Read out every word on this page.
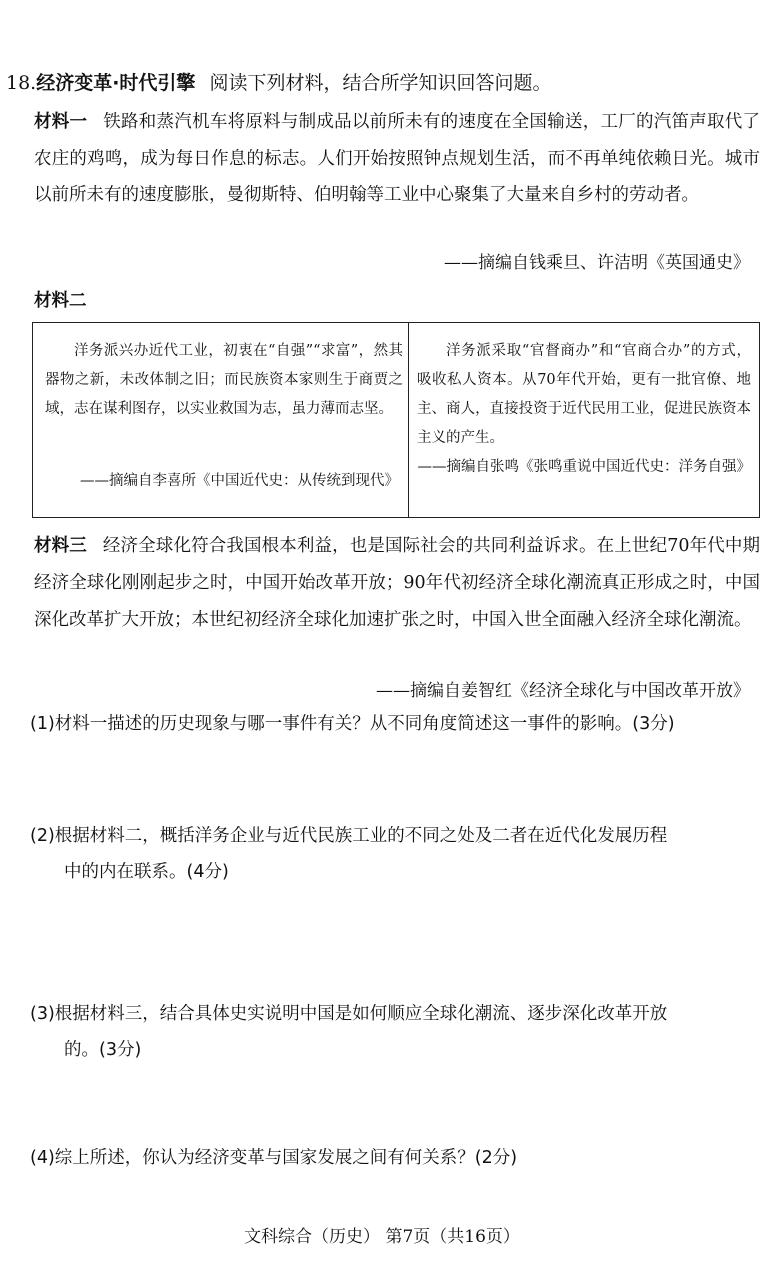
18.经济变革·时代引擎 阅读下列材料，结合所学知识回答问题。
材料一 铁路和蒸汽机车将原料与制成品以前所未有的速度在全国输送，工厂的汽笛声取代了农庄的鸡鸣，成为每日作息的标志。人们开始按照钟点规划生活，而不再单纯依赖日光。城市以前所未有的速度膨胀，曼彻斯特、伯明翰等工业中心聚集了大量来自乡村的劳动者。
——摘编自钱乘旦、许洁明《英国通史》
材料二
洋务派兴办近代工业，初衷在“自强”“求富”，然其器物之新，未改体制之旧；而民族资本家则生于商贾之域，志在谋利图存，以实业救国为志，虽力薄而志坚。
——摘编自李喜所《中国近代史：从传统到现代》
洋务派采取“官督商办”和“官商合办”的方式，吸收私人资本。从70年代开始，更有一批官僚、地主、商人，直接投资于近代民用工业，促进民族资本主义的产生。
——摘编自张鸣《张鸣重说中国近代史：洋务自强》
材料三 经济全球化符合我国根本利益，也是国际社会的共同利益诉求。在上世纪70年代中期经济全球化刚刚起步之时，中国开始改革开放；90年代初经济全球化潮流真正形成之时，中国深化改革扩大开放；本世纪初经济全球化加速扩张之时，中国入世全面融入经济全球化潮流。
——摘编自姜智红《经济全球化与中国改革开放》
(1)材料一描述的历史现象与哪一事件有关？从不同角度简述这一事件的影响。(3分)
(2)根据材料二，概括洋务企业与近代民族工业的不同之处及二者在近代化发展历程
中的内在联系。(4分)
(3)根据材料三，结合具体史实说明中国是如何顺应全球化潮流、逐步深化改革开放
的。(3分)
(4)综上所述，你认为经济变革与国家发展之间有何关系？(2分)
文科综合（历史） 第7页（共16页）
